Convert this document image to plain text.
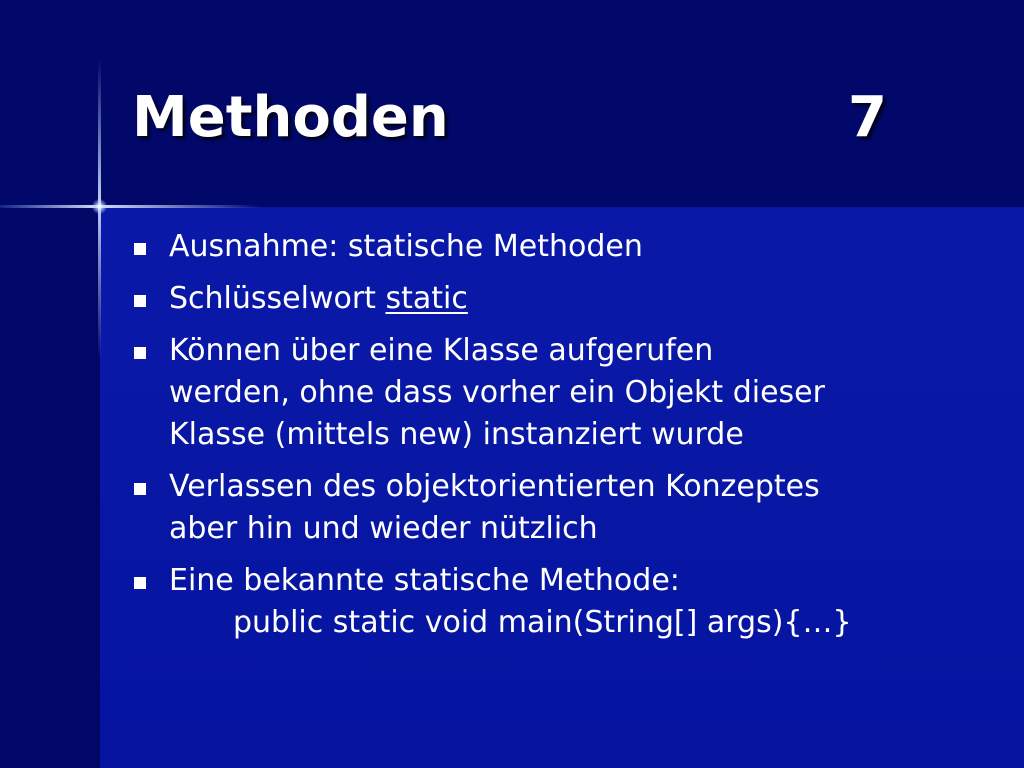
Methoden	7
Ausnahme: statische Methoden
Schlüsselwort static
Können über eine Klasse aufgerufen
werden, ohne dass vorher ein Objekt dieser
Klasse (mittels new) instanziert wurde
Verlassen des objektorientierten Konzeptes
aber hin und wieder nützlich
Eine bekannte statische Methode:
public static void main(String[] args){…}
